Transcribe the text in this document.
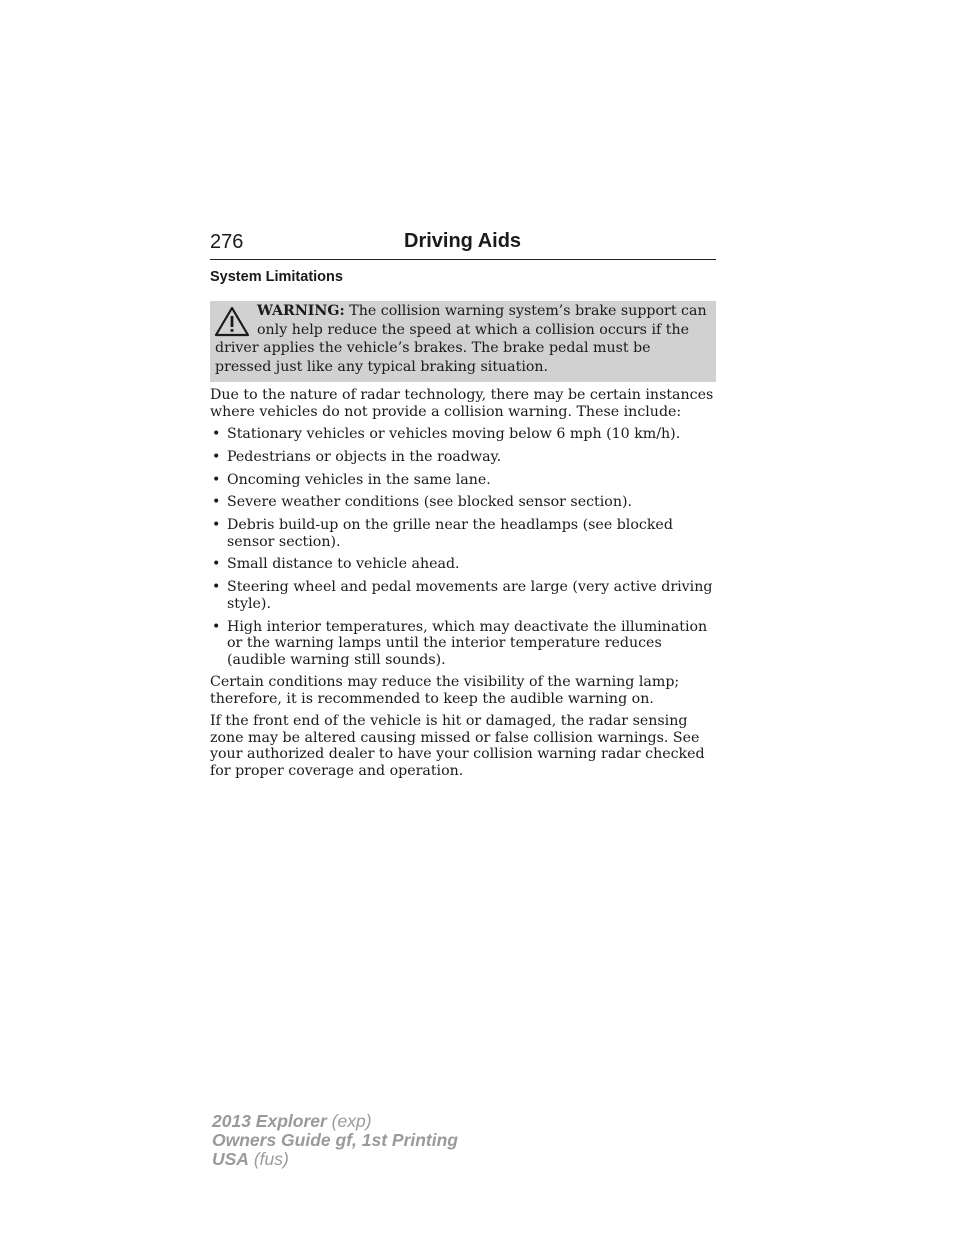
276	Driving Aids
System Limitations
WARNING: The collision warning system’s brake support can only help reduce the speed at which a collision occurs if the driver applies the vehicle’s brakes. The brake pedal must be pressed just like any typical braking situation.

Due to the nature of radar technology, there may be certain instances where vehicles do not provide a collision warning. These include:

• Stationary vehicles or vehicles moving below 6 mph (10 km/h).
• Pedestrians or objects in the roadway.
• Oncoming vehicles in the same lane.
• Severe weather conditions (see blocked sensor section).
• Debris build-up on the grille near the headlamps (see blocked sensor section).
• Small distance to vehicle ahead.
• Steering wheel and pedal movements are large (very active driving style).
• High interior temperatures, which may deactivate the illumination or the warning lamps until the interior temperature reduces (audible warning still sounds).

Certain conditions may reduce the visibility of the warning lamp; therefore, it is recommended to keep the audible warning on.

If the front end of the vehicle is hit or damaged, the radar sensing zone may be altered causing missed or false collision warnings. See your authorized dealer to have your collision warning radar checked for proper coverage and operation.

2013 Explorer (exp)
Owners Guide gf, 1st Printing
USA (fus)
